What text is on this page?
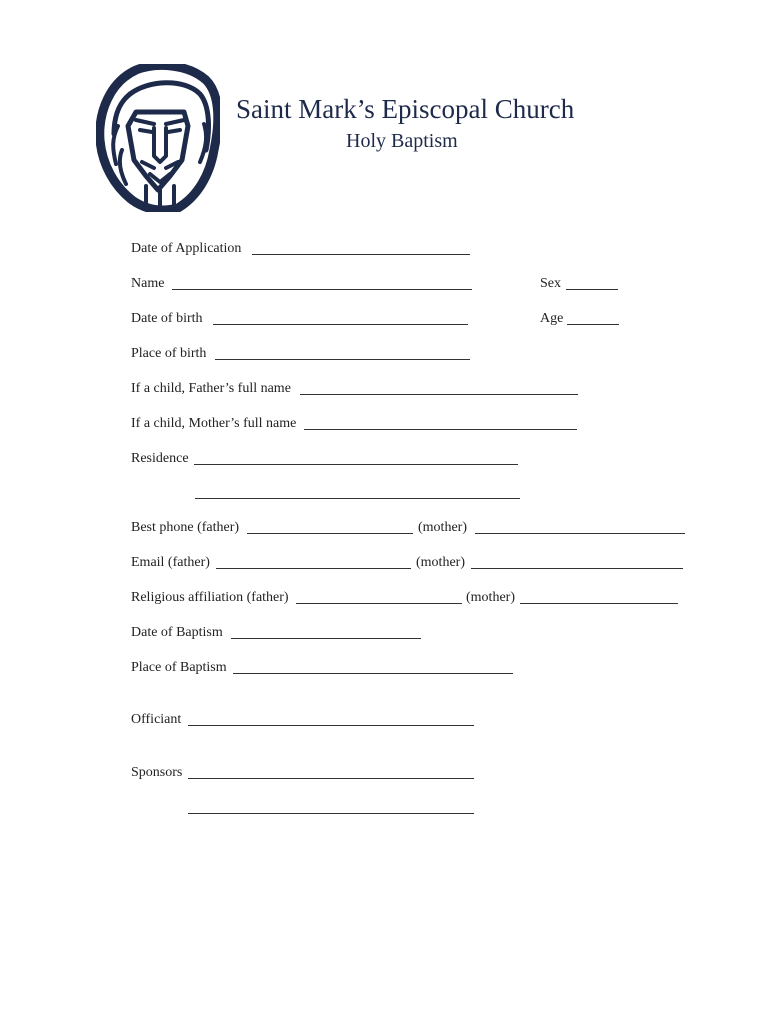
Saint Mark’s Episcopal Church
Holy Baptism
Date of Application
Name	Sex
Date of birth	Age
Place of birth
If a child, Father’s full name
If a child, Mother’s full name
Residence
Best phone (father)	(mother)
Email (father)	(mother)
Religious affiliation (father)	(mother)
Date of Baptism
Place of Baptism
Officiant
Sponsors
